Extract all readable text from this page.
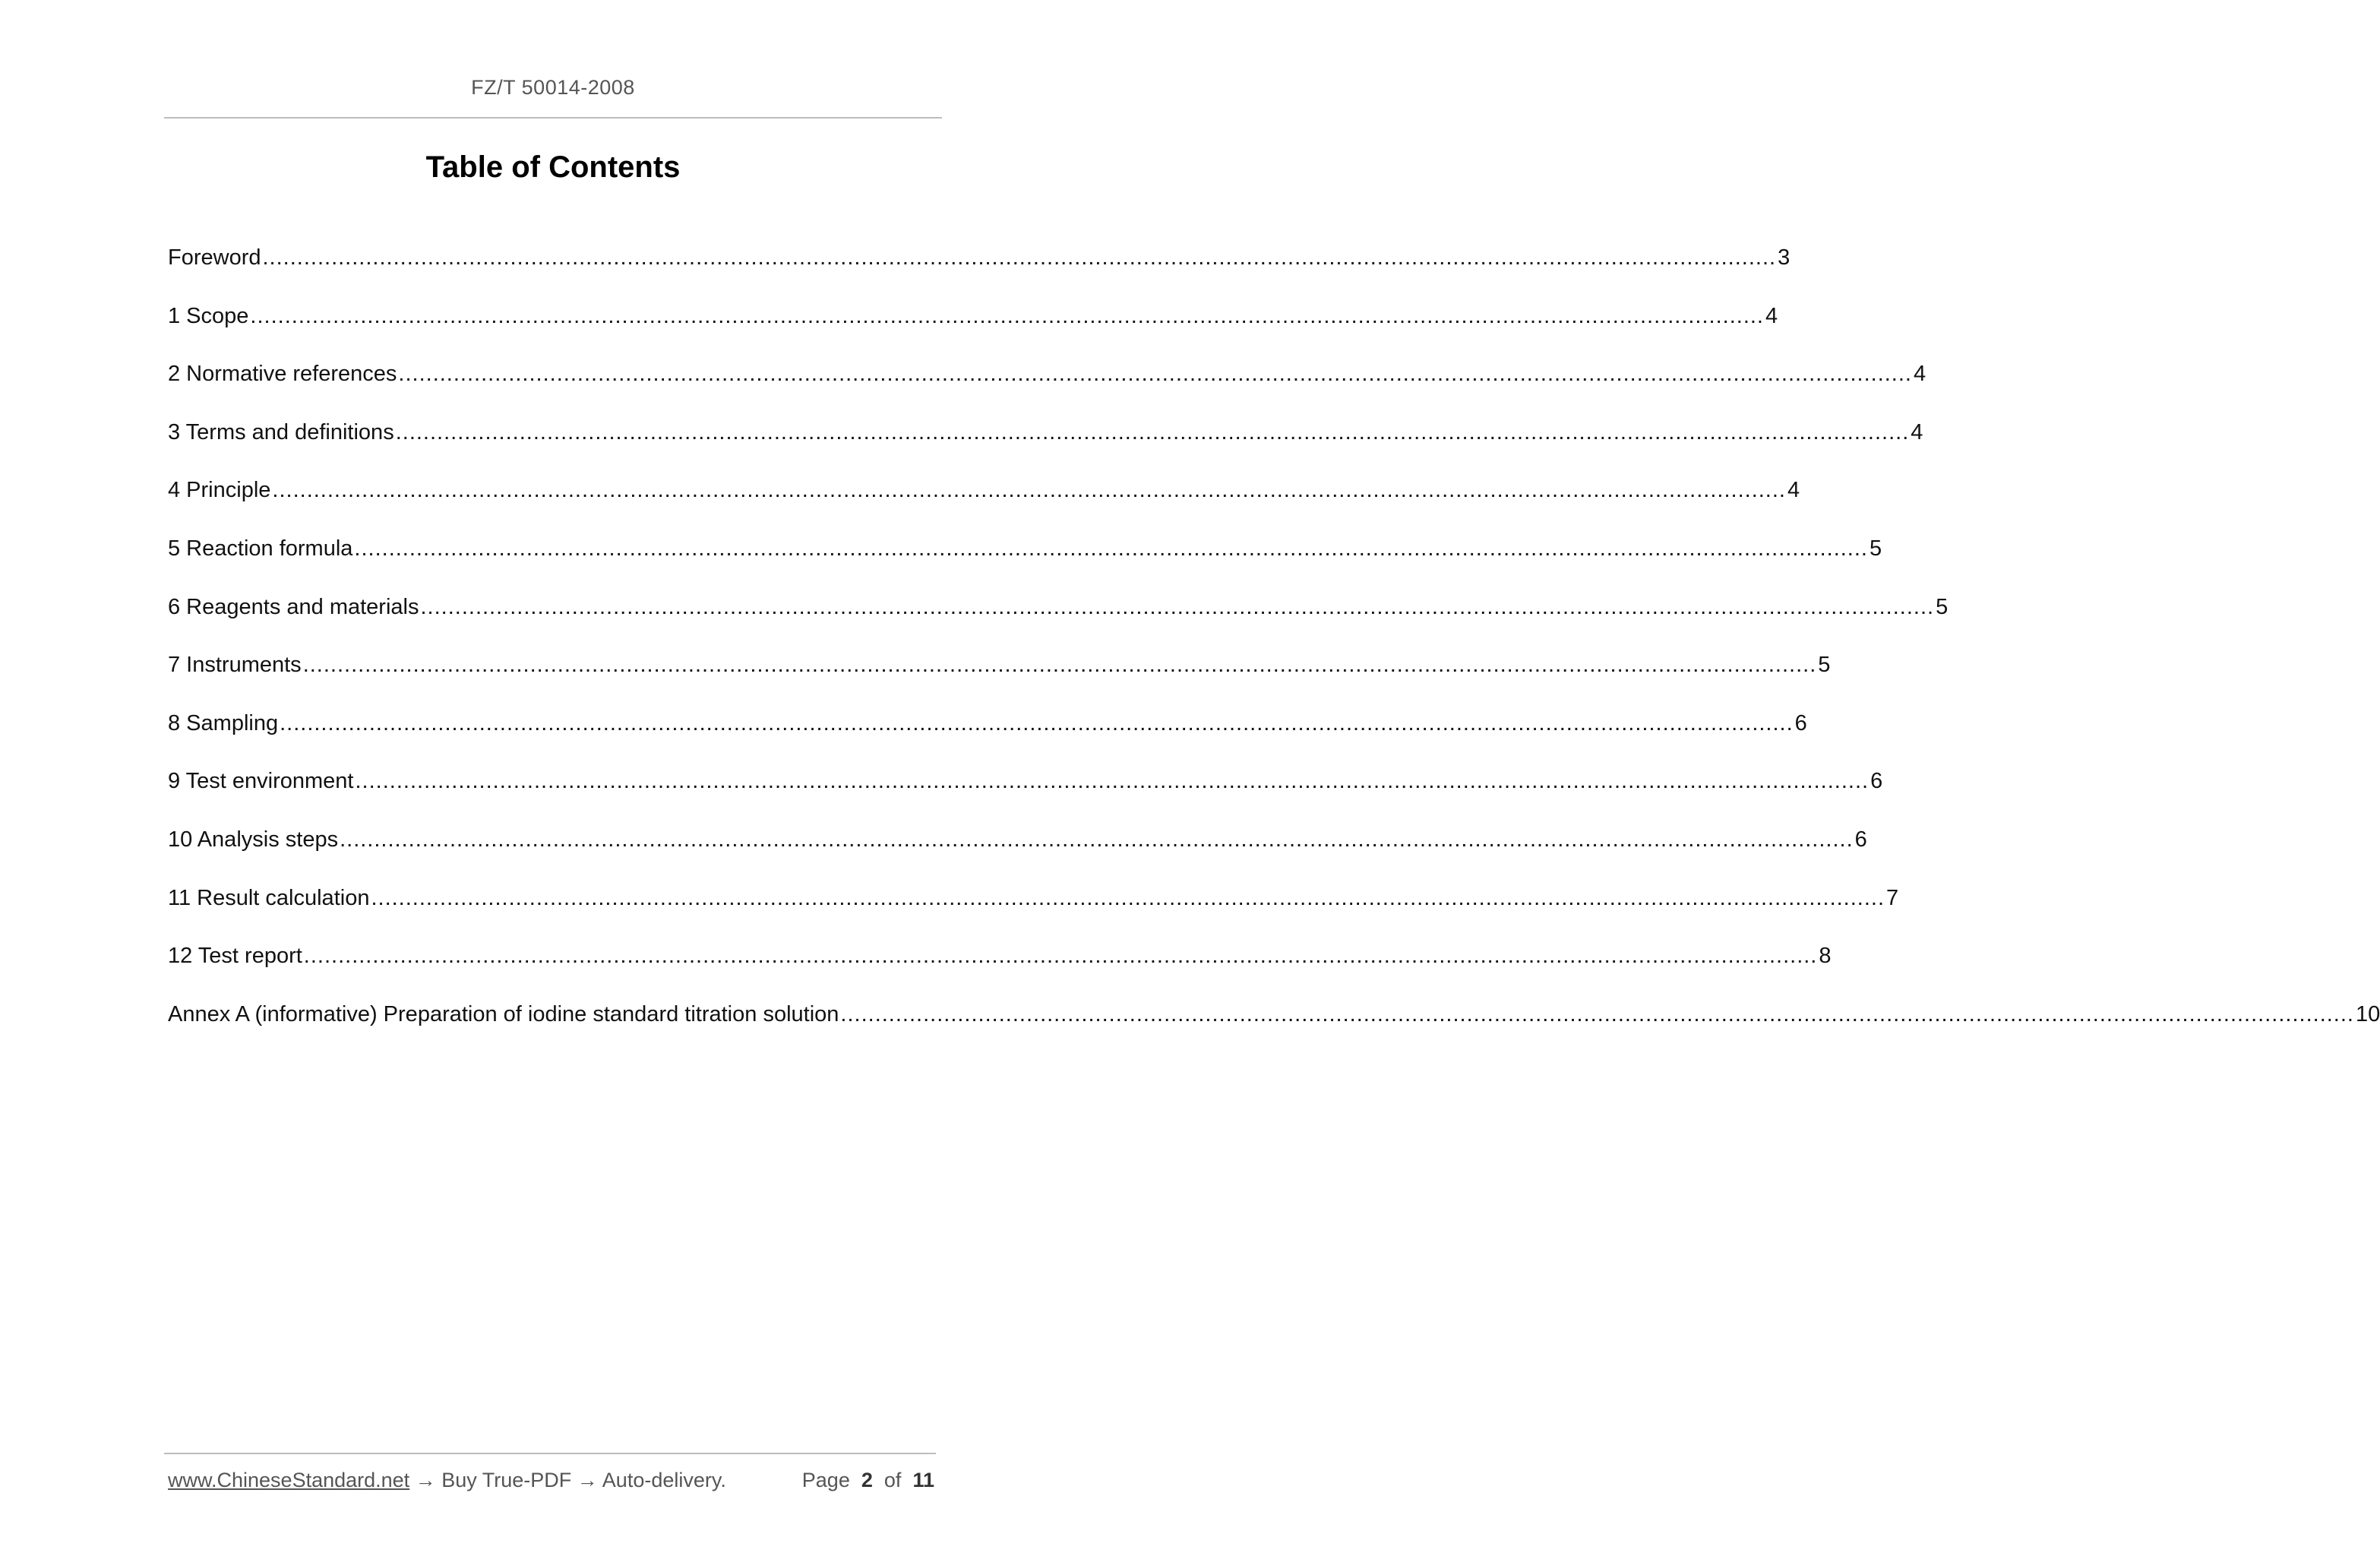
FZ/T 50014-2008
Table of Contents
Foreword ............................................................................................................................................................................................................................ 3
1 Scope ............................................................................................................................................................................................................................ 4
2 Normative references ............................................................................................................................................................................................................................ 4
3 Terms and definitions ............................................................................................................................................................................................................................ 4
4 Principle ............................................................................................................................................................................................................................ 4
5 Reaction formula ............................................................................................................................................................................................................................ 5
6 Reagents and materials ............................................................................................................................................................................................................................ 5
7 Instruments ............................................................................................................................................................................................................................ 5
8 Sampling ............................................................................................................................................................................................................................ 6
9 Test environment ............................................................................................................................................................................................................................ 6
10 Analysis steps ............................................................................................................................................................................................................................ 6
11 Result calculation ............................................................................................................................................................................................................................ 7
12 Test report ............................................................................................................................................................................................................................ 8
Annex A (informative) Preparation of iodine standard titration solution ............................................................................................................................................................................................................................ 10
www.ChineseStandard.net → Buy True-PDF → Auto-delivery.	Page 2 of 11
